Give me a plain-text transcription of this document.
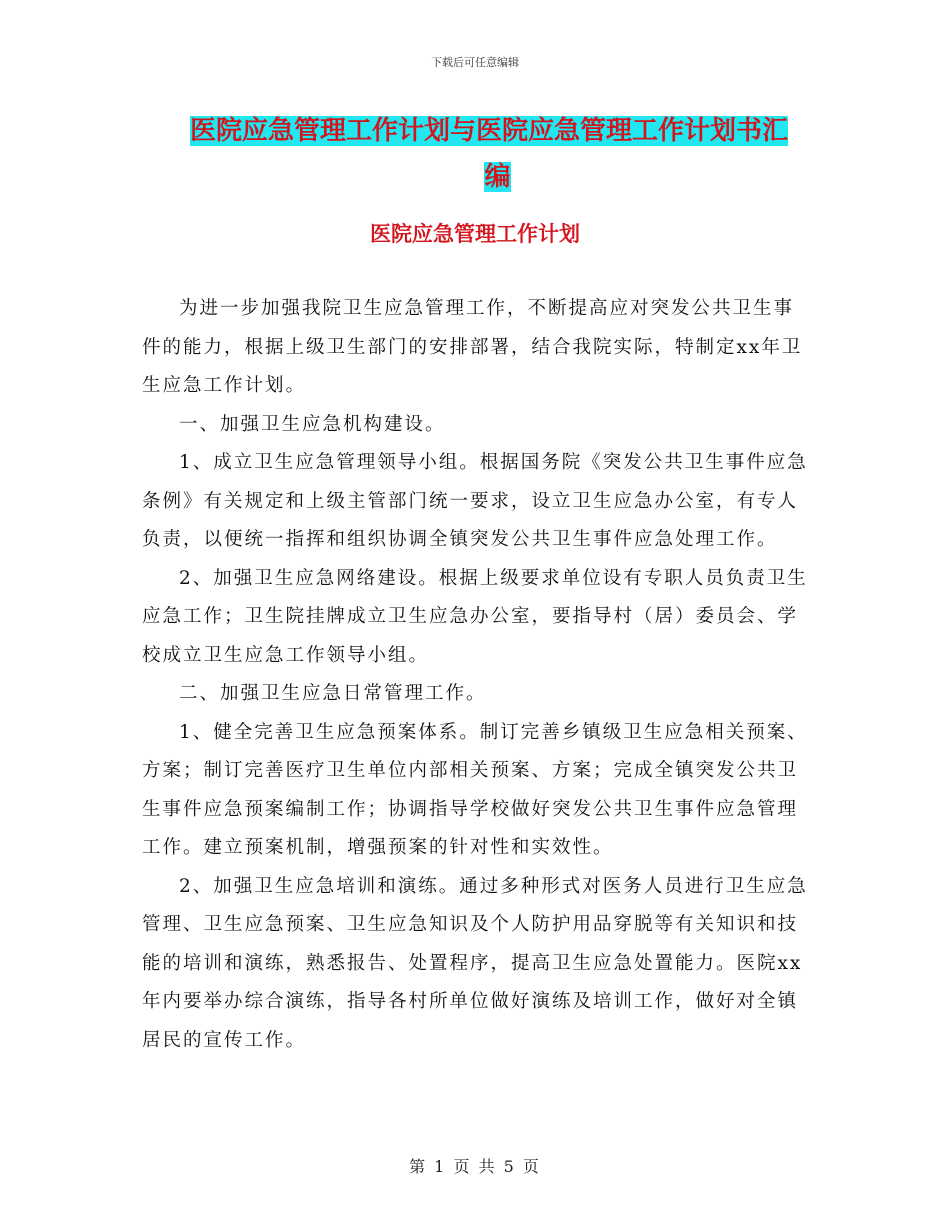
下载后可任意编辑
医院应急管理工作计划与医院应急管理工作计划书汇
编
医院应急管理工作计划

为进一步加强我院卫生应急管理工作，不断提高应对突发公共卫生事件的能力，根据上级卫生部门的安排部署，结合我院实际，特制定xx年卫生应急工作计划。

一、加强卫生应急机构建设。

1、成立卫生应急管理领导小组。根据国务院《突发公共卫生事件应急条例》有关规定和上级主管部门统一要求，设立卫生应急办公室，有专人负责，以便统一指挥和组织协调全镇突发公共卫生事件应急处理工作。

2、加强卫生应急网络建设。根据上级要求单位设有专职人员负责卫生应急工作；卫生院挂牌成立卫生应急办公室，要指导村（居）委员会、学校成立卫生应急工作领导小组。

二、加强卫生应急日常管理工作。

1、健全完善卫生应急预案体系。制订完善乡镇级卫生应急相关预案、方案；制订完善医疗卫生单位内部相关预案、方案；完成全镇突发公共卫生事件应急预案编制工作；协调指导学校做好突发公共卫生事件应急管理工作。建立预案机制，增强预案的针对性和实效性。

2、加强卫生应急培训和演练。通过多种形式对医务人员进行卫生应急管理、卫生应急预案、卫生应急知识及个人防护用品穿脱等有关知识和技能的培训和演练，熟悉报告、处置程序，提高卫生应急处置能力。医院xx年内要举办综合演练，指导各村所单位做好演练及培训工作，做好对全镇居民的宣传工作。

第 1 页 共 5 页
